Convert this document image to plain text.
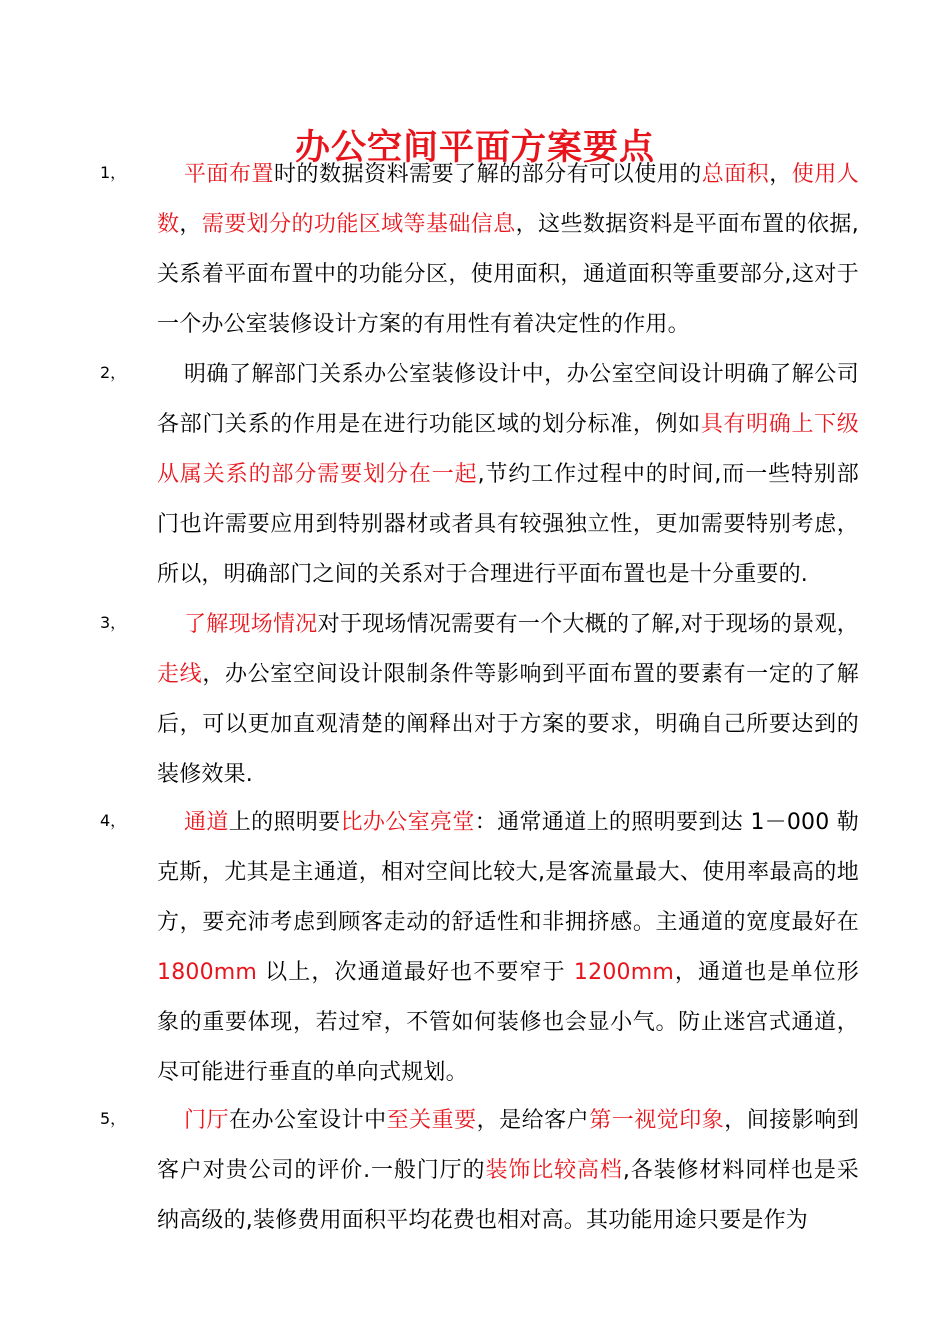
办公空间平面方案要点
1，	平面布置时的数据资料需要了解的部分有可以使用的总面积，使用人数，需要划分的功能区域等基础信息，这些数据资料是平面布置的依据,关系着平面布置中的功能分区，使用面积，通道面积等重要部分,这对于一个办公室装修设计方案的有用性有着决定性的作用。

2，	明确了解部门关系办公室装修设计中，办公室空间设计明确了解公司各部门关系的作用是在进行功能区域的划分标准，例如具有明确上下级从属关系的部分需要划分在一起,节约工作过程中的时间,而一些特别部门也许需要应用到特别器材或者具有较强独立性，更加需要特别考虑，所以，明确部门之间的关系对于合理进行平面布置也是十分重要的.

3，	了解现场情况对于现场情况需要有一个大概的了解,对于现场的景观，走线，办公室空间设计限制条件等影响到平面布置的要素有一定的了解后，可以更加直观清楚的阐释出对于方案的要求，明确自己所要达到的装修效果.

4，	通道上的照明要比办公室亮堂：通常通道上的照明要到达 1－000 勒克斯，尤其是主通道，相对空间比较大,是客流量最大、使用率最高的地方，要充沛考虑到顾客走动的舒适性和非拥挤感。主通道的宽度最好在 1800mm 以上，次通道最好也不要窄于 1200mm，通道也是单位形象的重要体现，若过窄，不管如何装修也会显小气。防止迷宫式通道，尽可能进行垂直的单向式规划。

5，	门厅在办公室设计中至关重要，是给客户第一视觉印象，间接影响到客户对贵公司的评价.一般门厅的装饰比较高档,各装修材料同样也是采纳高级的,装修费用面积平均花费也相对高。其功能用途只要是作为
